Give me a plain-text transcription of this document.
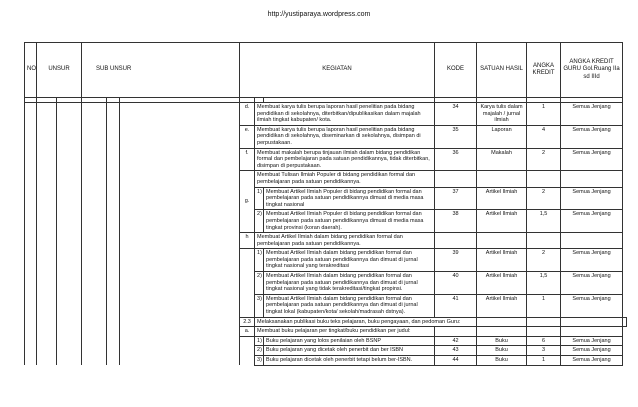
http://yustiparaya.wordpress.com
NO	UNSUR		SUB UNSUR			KEGIATAN			KODE	SATUAN HASIL	ANGKA KREDIT	ANGKA KREDIT GURU Gol.Ruang IIa sd IIId	

						d.	Membuat karya tulis berupa laporan hasil penelitian pada bidang pendidikan di sekolahnya, diterbitkan/dipublikasikan dalam majalah ilmiah tingkat kabupaten/ kota.		34	Karya tulis dalam majalah / jurnal ilmiah	1	Semua Jenjang	
						e.	Membuat karya tulis berupa laporan hasil penelitian pada bidang pendidikan di sekolahnya, diseminarkan di sekolahnya, disimpan di perpustakaan.		35	Laporan	4	Semua Jenjang	
						f.	Membuat makalah berupa tinjauan ilmiah dalam bidang pendidikan formal dan pembelajaran pada satuan pendidikannya, tidak diterbitkan, disimpan di perpustakaan.		36	Makalah	2	Semua Jenjang	
						g.	Membuat Tulisan Ilmiah Populer di bidang pendidikan formal dan pembelajaran pada satuan pendidikannya.						
							1)	Membuat Artikel Ilmiah Populer di bidang pendidikan formal dan pembelajaran pada satuan pendidikannya dimuat di media masa tingkat nasional	37	Artikel Ilmiah	2	Semua Jenjang	
							2)	Membuat Artikel Ilmiah Populer di bidang pendidikan formal dan pembelajaran pada satuan pendidikannya dimuat di media masa tingkat provinsi (koran daerah).	38	Artikel Ilmiah	1,5	Semua Jenjang	
						h	Membuat Artikel Ilmiah dalam bidang pendidikan formal dan pembelajaran pada satuan pendidikannya.						
							1)	Membuat Artikel Ilmiah dalam bidang pendidikan formal dan pembelajaran pada satuan pendidikannya dan dimuat di jurnal tingkat nasional yang terakreditasi	39	Artikel Ilmiah	2	Semua Jenjang	
							2)	Membuat Artikel Ilmiah dalam bidang pendidikan formal dan pembelajaran pada satuan pendidikannya dan dimuat di jurnal tingkat nasional yang tidak terakreditasi/tingkat propinsi.	40	Artikel Ilmiah	1,5	Semua Jenjang	
							3)	Membuat Artikel Ilmiah dalam bidang pendidikan formal dan pembelajaran pada satuan pendidikannya dan dimuat di jurnal tingkat lokal (kabupaten/kota/ sekolah/madrasah dstnya).	41	Artikel Ilmiah	1	Semua Jenjang	
						2.3	Melaksanakan publikasi buku teks pelajaran, buku pengayaan, dan pedoman Guru:						
						a.	Membuat buku pelajaran per tingkat/buku pendidikan per judul:						
							1)	Buku pelajaran yang lolos penilaian oleh BSNP	42	Buku	6	Semua Jenjang	
							2)	Buku pelajaran yang dicetak oleh penerbit dan ber ISBN	43	Buku	3	Semua Jenjang	
							3)	Buku pelajaran dicetak oleh penerbit tetapi belum ber-ISBN.	44	Buku	1	Semua Jenjang	
